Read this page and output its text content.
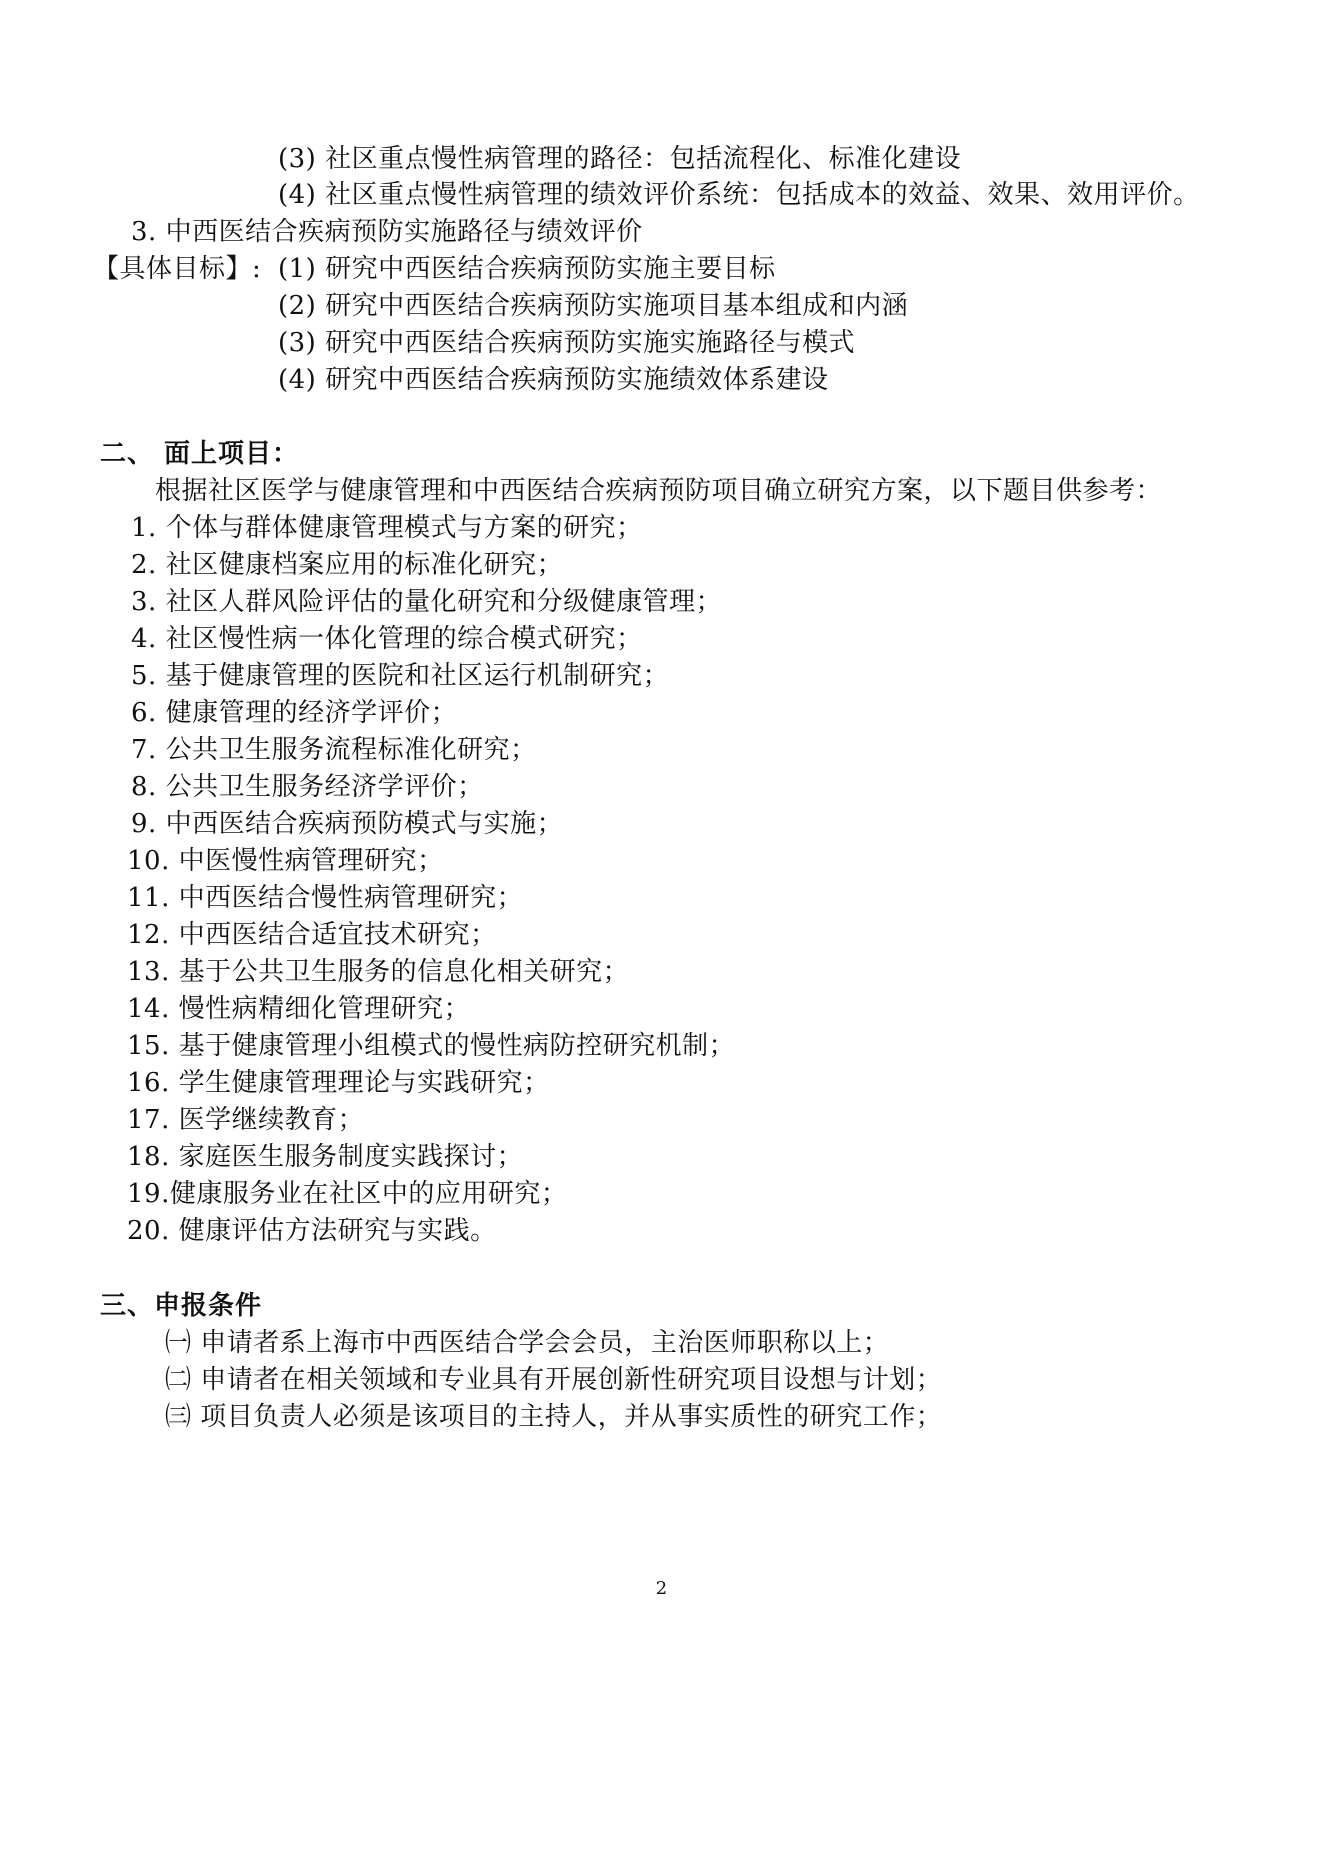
(3) 社区重点慢性病管理的路径：包括流程化、标准化建设
(4) 社区重点慢性病管理的绩效评价系统：包括成本的效益、效果、效用评价。
3. 中西医结合疾病预防实施路径与绩效评价
【具体目标】: (1) 研究中西医结合疾病预防实施主要目标
(2) 研究中西医结合疾病预防实施项目基本组成和内涵
(3) 研究中西医结合疾病预防实施实施路径与模式
(4) 研究中西医结合疾病预防实施绩效体系建设
二、 面上项目：
根据社区医学与健康管理和中西医结合疾病预防项目确立研究方案，以下题目供参考：
1. 个体与群体健康管理模式与方案的研究；
2. 社区健康档案应用的标准化研究；
3. 社区人群风险评估的量化研究和分级健康管理；
4. 社区慢性病一体化管理的综合模式研究；
5. 基于健康管理的医院和社区运行机制研究；
6. 健康管理的经济学评价；
7. 公共卫生服务流程标准化研究；
8. 公共卫生服务经济学评价；
9. 中西医结合疾病预防模式与实施；
10. 中医慢性病管理研究；
11. 中西医结合慢性病管理研究；
12. 中西医结合适宜技术研究；
13. 基于公共卫生服务的信息化相关研究；
14. 慢性病精细化管理研究；
15. 基于健康管理小组模式的慢性病防控研究机制；
16. 学生健康管理理论与实践研究；
17. 医学继续教育；
18. 家庭医生服务制度实践探讨；
19.健康服务业在社区中的应用研究；
20. 健康评估方法研究与实践。
三、申报条件
㈠ 申请者系上海市中西医结合学会会员，主治医师职称以上；
㈡ 申请者在相关领域和专业具有开展创新性研究项目设想与计划；
㈢ 项目负责人必须是该项目的主持人，并从事实质性的研究工作；
2
